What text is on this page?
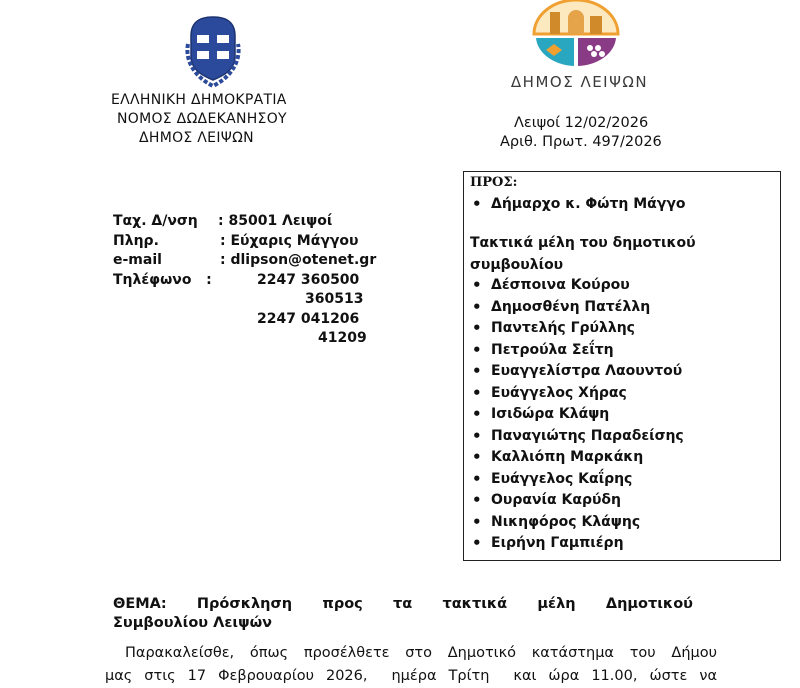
ΔΗΜΟΣ ΛΕΙΨΩΝ
ΕΛΛΗΝΙΚΗ ΔΗΜΟΚΡΑΤΙΑ
ΝΟΜΟΣ ΔΩΔΕΚΑΝΗΣΟΥ
ΔΗΜΟΣ ΛΕΙΨΩΝ
Λειψοί 12/02/2026
Αριθ. Πρωτ. 497/2026
Ταχ. Δ/νση : 85001 Λειψοί
Πληρ.	: Εύχαρις Μάγγου
e-mail	: dlipson@otenet.gr
Τηλέφωνο   :	2247 360500
360513
2247 041206
41209
ΠΡΟΣ:
• Δήμαρχο κ. Φώτη Μάγγο
Τακτικά μέλη του δημοτικού συμβουλίου
• Δέσποινα Κούρου
• Δημοσθένη Πατέλλη
• Παντελής Γρύλλης
• Πετρούλα Σεΐτη
• Ευαγγελίστρα Λαουντού
• Ευάγγελος Χήρας
• Ισιδώρα Κλάψη
• Παναγιώτης Παραδείσης
• Καλλιόπη Μαρκάκη
• Ευάγγελος Καΐρης
• Ουρανία Καρύδη
• Νικηφόρος Κλάψης
• Ειρήνη Γαμπιέρη
ΘΕΜΑ: Πρόσκληση προς τα τακτικά μέλη Δημοτικού
Συμβουλίου Λειψών
Παρακαλείσθε, όπως προσέλθετε στο Δημοτικό κατάστημα του Δήμου
μας στις 17 Φεβρουαρίου 2026,  ημέρα Τρίτη  και ώρα 11.00, ώστε να
